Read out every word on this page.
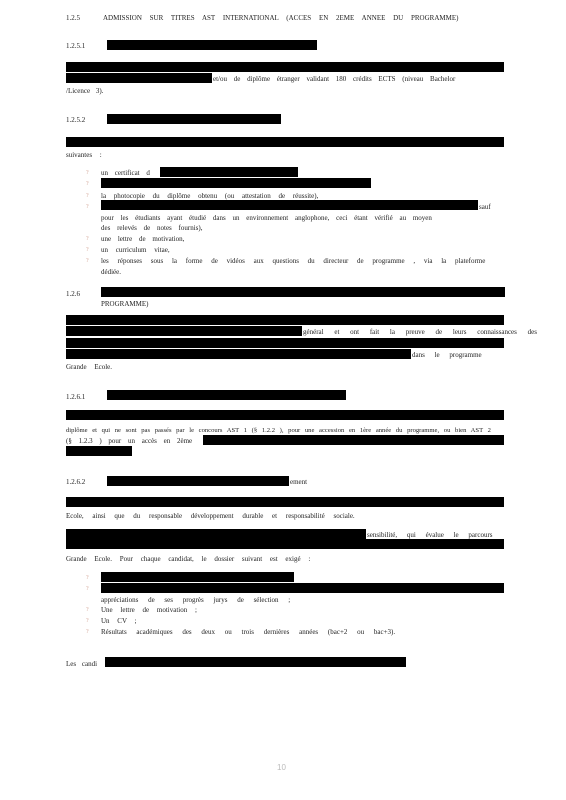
1.2.5	ADMISSION SUR TITRES AST INTERNATIONAL (ACCES EN 2EME ANNEE DU PROGRAMME)
1.2.5.1
et/ou de diplôme étranger validant 180 crédits ECTS (niveau Bachelor
/Licence 3).
1.2.5.2
suivantes :
? un certificat d
?
? la photocopie du diplôme obtenu (ou attestation de réussite),
?	sauf
pour les étudiants ayant étudié dans un environnement anglophone, ceci étant vérifié au moyen
des relevés de notes fournis),
? une lettre de motivation,
? un curriculum vitae,
? les réponses sous la forme de vidéos aux questions du directeur de programme , via la plateforme
dédiée.
1.2.6
PROGRAMME)
général et ont fait la preuve de leurs connaissances des
dans le programme
Grande Ecole.
1.2.6.1
diplôme et qui ne sont pas passés par le concours AST 1 (§ 1.2.2 ), pour une accession en 1ère année du programme, ou bien AST 2
(§ 1.2.3 ) pour un accès en 2ème
1.2.6.2	ement
Ecole, ainsi que du responsable développement durable et responsabilité sociale.
sensibilité, qui évalue le parcours
Grande Ecole. Pour chaque candidat, le dossier suivant est exigé :
?
?
appréciations de ses progrès jurys de sélection ;
? Une lettre de motivation ;
? Un CV ;
? Résultats académiques des deux ou trois dernières années (bac+2 ou bac+3).
Les candi
10
